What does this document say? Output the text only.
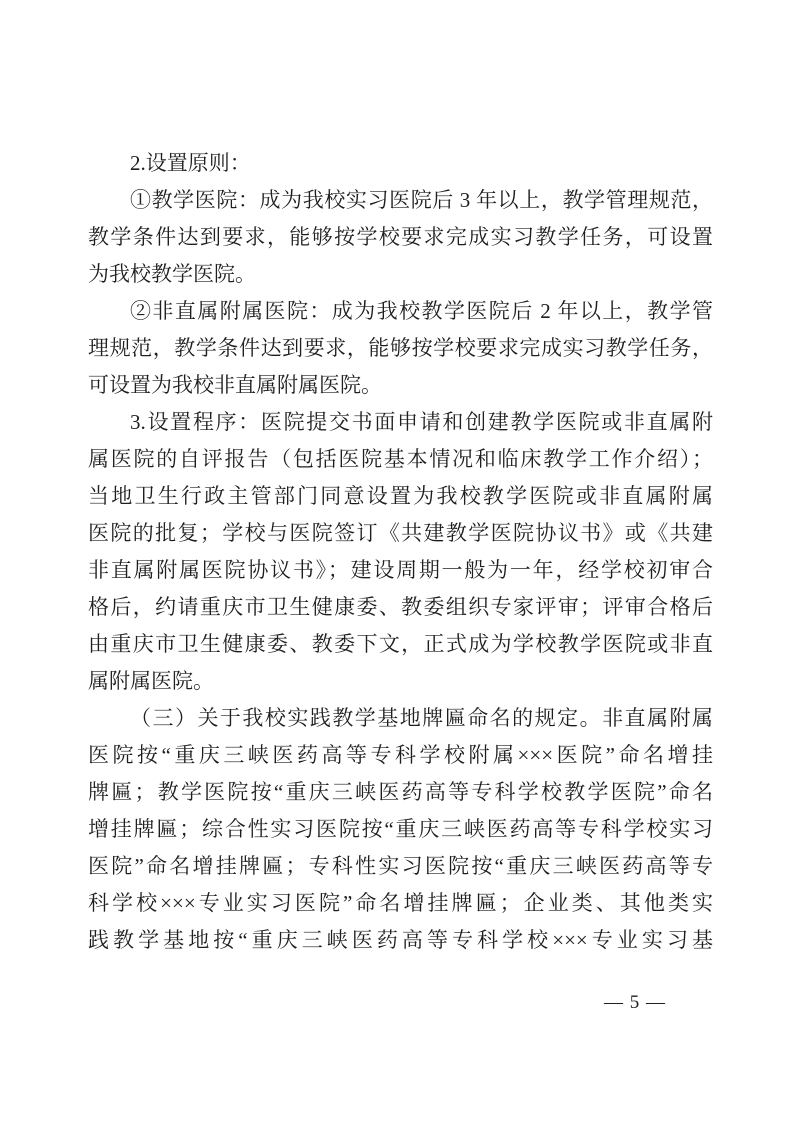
2.设置原则：

①教学医院：成为我校实习医院后 3 年以上，教学管理规范，

教学条件达到要求，能够按学校要求完成实习教学任务，可设置

为我校教学医院。

②非直属附属医院：成为我校教学医院后 2 年以上，教学管

理规范，教学条件达到要求，能够按学校要求完成实习教学任务，

可设置为我校非直属附属医院。

3.设置程序：医院提交书面申请和创建教学医院或非直属附

属医院的自评报告（包括医院基本情况和临床教学工作介绍）；

当地卫生行政主管部门同意设置为我校教学医院或非直属附属

医院的批复；学校与医院签订《共建教学医院协议书》或《共建

非直属附属医院协议书》；建设周期一般为一年，经学校初审合

格后，约请重庆市卫生健康委、教委组织专家评审；评审合格后

由重庆市卫生健康委、教委下文，正式成为学校教学医院或非直

属附属医院。

（三）关于我校实践教学基地牌匾命名的规定。非直属附属

医院按“重庆三峡医药高等专科学校附属×××医院”命名增挂

牌匾；教学医院按“重庆三峡医药高等专科学校教学医院”命名

增挂牌匾；综合性实习医院按“重庆三峡医药高等专科学校实习

医院”命名增挂牌匾；专科性实习医院按“重庆三峡医药高等专

科学校×××专业实习医院”命名增挂牌匾；企业类、其他类实

践教学基地按“重庆三峡医药高等专科学校×××专业实习基

— 5 —
